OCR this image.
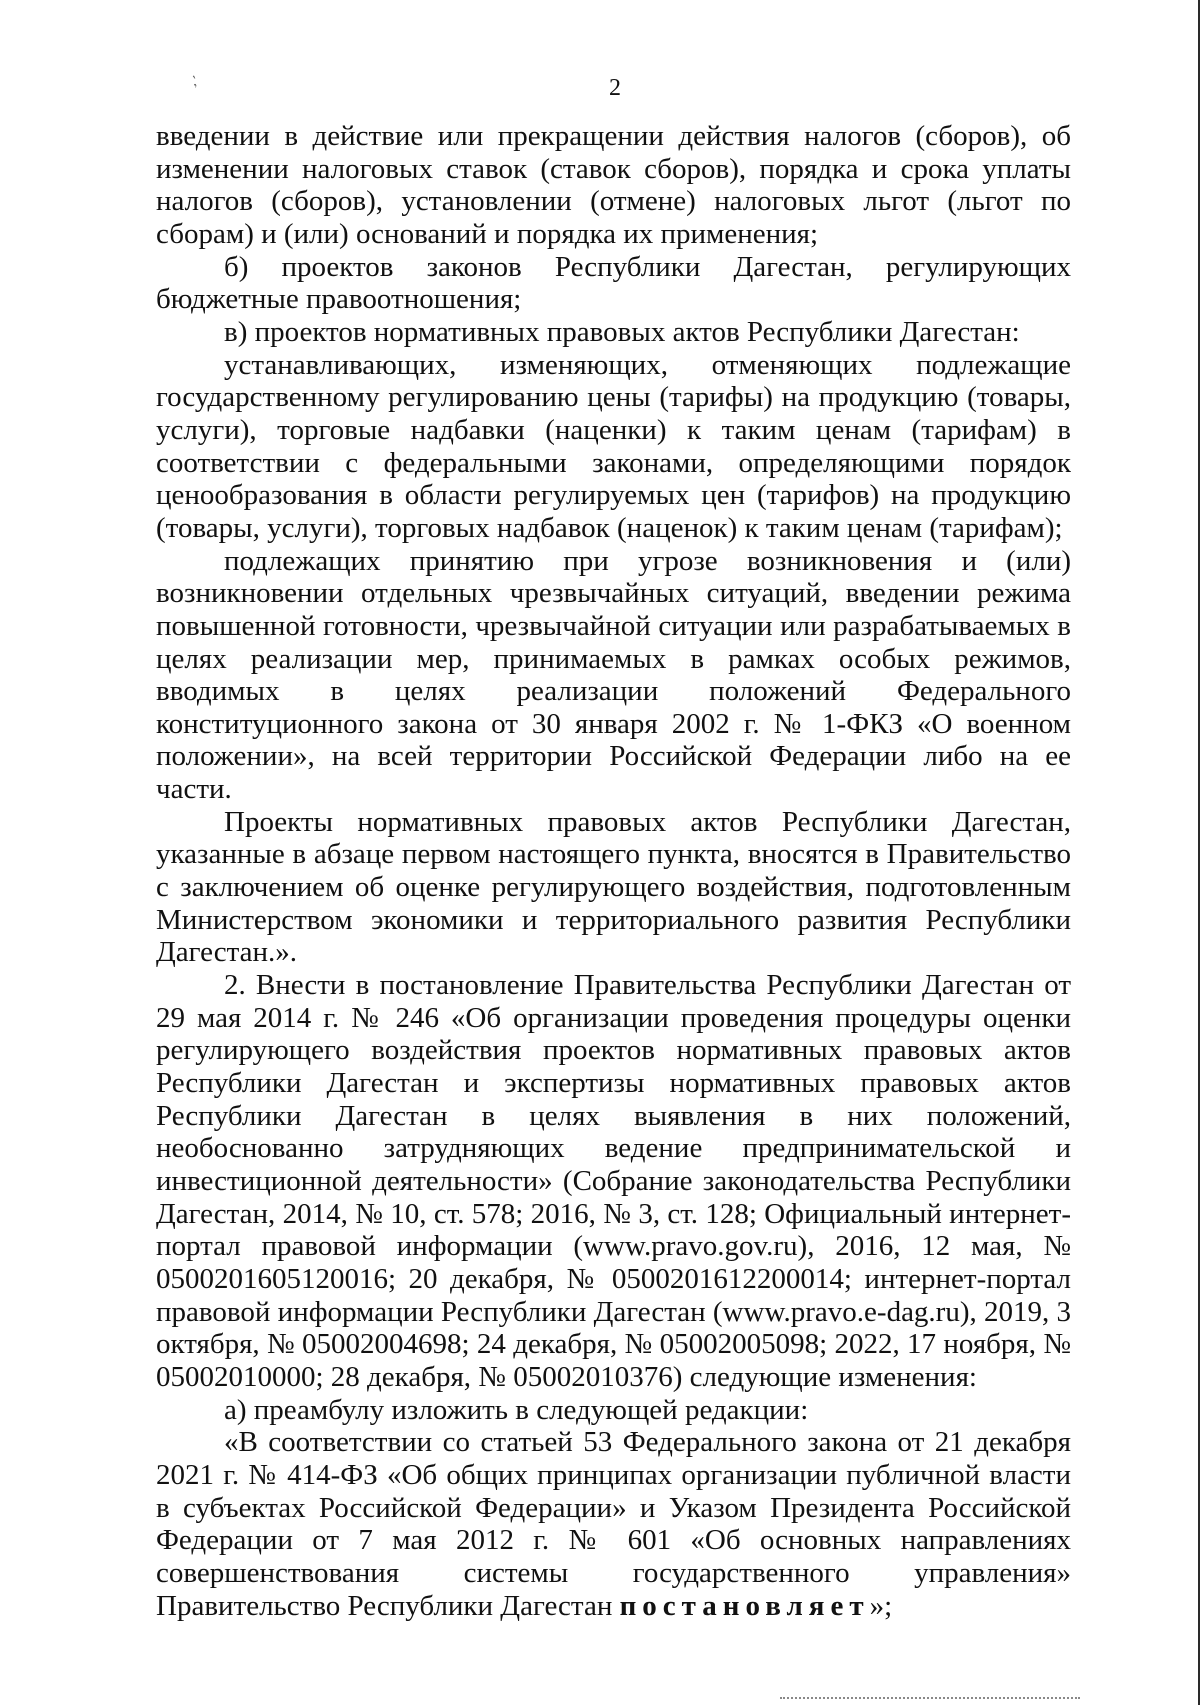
,'	2

введении в действие или прекращении действия налогов (сборов), об изменении налоговых ставок (ставок сборов), порядка и срока уплаты налогов (сборов), установлении (отмене) налоговых льгот (льгот по сборам) и (или) оснований и порядка их применения;

б) проектов законов Республики Дагестан, регулирующих бюджетные правоотношения;

в) проектов нормативных правовых актов Республики Дагестан:

устанавливающих, изменяющих, отменяющих подлежащие государственному регулированию цены (тарифы) на продукцию (товары, услуги), торговые надбавки (наценки) к таким ценам (тарифам) в соответствии с федеральными законами, определяющими порядок ценообразования в области регулируемых цен (тарифов) на продукцию (товары, услуги), торговых надбавок (наценок) к таким ценам (тарифам);

подлежащих принятию при угрозе возникновения и (или) возникновении отдельных чрезвычайных ситуаций, введении режима повышенной готовности, чрезвычайной ситуации или разрабатываемых в целях реализации мер, принимаемых в рамках особых режимов, вводимых в целях реализации положений Федерального конституционного закона от 30 января 2002 г. № 1-ФКЗ «О военном положении», на всей территории Российской Федерации либо на ее части.

Проекты нормативных правовых актов Республики Дагестан, указанные в абзаце первом настоящего пункта, вносятся в Правительство с заключением об оценке регулирующего воздействия, подготовленным Министерством экономики и территориального развития Республики Дагестан.».

2. Внести в постановление Правительства Республики Дагестан от 29 мая 2014 г. № 246 «Об организации проведения процедуры оценки регулирующего воздействия проектов нормативных правовых актов Республики Дагестан и экспертизы нормативных правовых актов Республики Дагестан в целях выявления в них положений, необоснованно затрудняющих ведение предпринимательской и инвестиционной деятельности» (Собрание законодательства Республики Дагестан, 2014, № 10, ст. 578; 2016, № 3, ст. 128; Официальный интернет-портал правовой информации (www.pravo.gov.ru), 2016, 12 мая, № 0500201605120016; 20 декабря, № 0500201612200014; интернет-портал правовой информации Республики Дагестан (www.pravo.e-dag.ru), 2019, 3 октября, № 05002004698; 24 декабря, № 05002005098; 2022, 17 ноября, № 05002010000; 28 декабря, № 05002010376) следующие изменения:

а) преамбулу изложить в следующей редакции:

«В соответствии со статьей 53 Федерального закона от 21 декабря 2021 г. № 414-ФЗ «Об общих принципах организации публичной власти в субъектах Российской Федерации» и Указом Президента Российской Федерации от 7 мая 2012 г. № 601 «Об основных направлениях совершенствования системы государственного управления» Правительство Республики Дагестан постановляет»;
